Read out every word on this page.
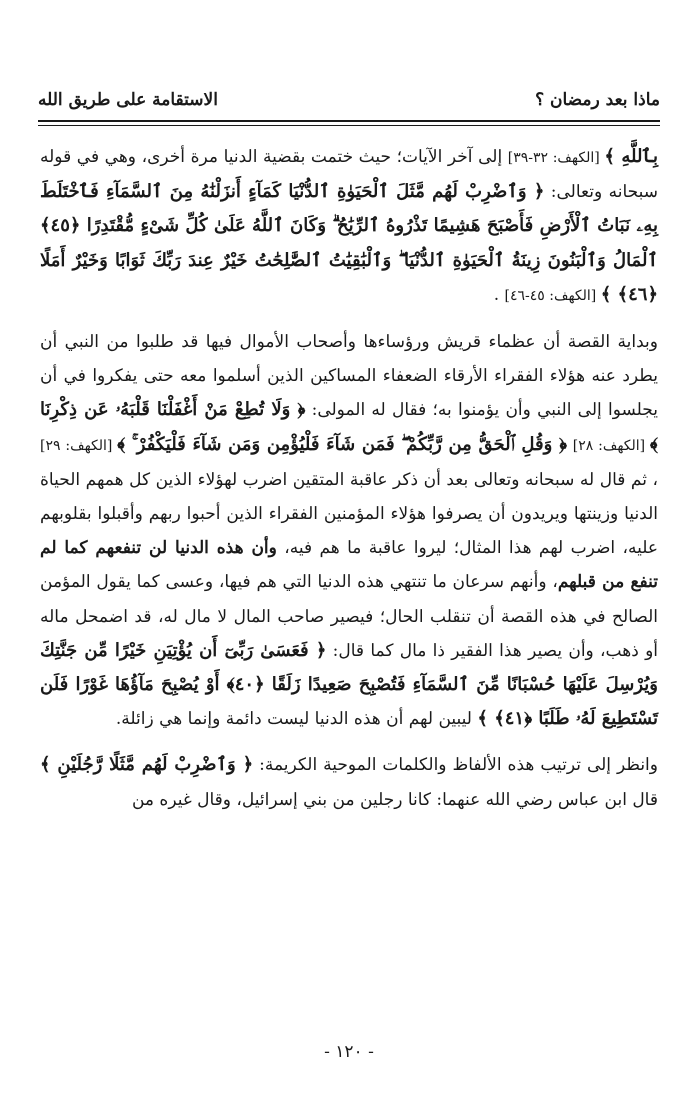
ماذا بعد رمضان ؟
الاستقامة على طريق الله

بِٱللَّهِ ﴾ [الكهف: ٣٢-٣٩] إلى آخر الآيات؛ حيث ختمت بقضية الدنيا مرة أخرى، وهي في قوله سبحانه وتعالى: ﴿ وَٱضْرِبْ لَهُم مَّثَلَ ٱلْحَيَوٰةِ ٱلدُّنْيَا كَمَآءٍ أَنزَلْنَٰهُ مِنَ ٱلسَّمَآءِ فَٱخْتَلَطَ بِهِۦ نَبَاتُ ٱلْأَرْضِ فَأَصْبَحَ هَشِيمًا تَذْرُوهُ ٱلرِّيَٰحُ ۗ وَكَانَ ٱللَّهُ عَلَىٰ كُلِّ شَىْءٍ مُّقْتَدِرًا ﴿٤٥﴾ ٱلْمَالُ وَٱلْبَنُونَ زِينَةُ ٱلْحَيَوٰةِ ٱلدُّنْيَا ۖ وَٱلْبَٰقِيَٰتُ ٱلصَّٰلِحَٰتُ خَيْرٌ عِندَ رَبِّكَ ثَوَابًا وَخَيْرٌ أَمَلًا ﴿٤٦﴾ ﴾ [الكهف: ٤٥-٤٦] .

وبداية القصة أن عظماء قريش ورؤساءها وأصحاب الأموال فيها قد طلبوا من النبي أن يطرد عنه هؤلاء الفقراء الأرقاء الضعفاء المساكين الذين أسلموا معه حتى يفكروا في أن يجلسوا إلى النبي وأن يؤمنوا به؛ فقال له المولى: ﴿ وَلَا تُطِعْ مَنْ أَغْفَلْنَا قَلْبَهُۥ عَن ذِكْرِنَا ﴾ [الكهف: ٢٨] ﴿ وَقُلِ ٱلْحَقُّ مِن رَّبِّكُمْ ۖ فَمَن شَآءَ فَلْيُؤْمِن وَمَن شَآءَ فَلْيَكْفُرْ ۚ ﴾ [الكهف: ٢٩] ، ثم قال له سبحانه وتعالى بعد أن ذكر عاقبة المتقين اضرب لهؤلاء الذين كل همهم الحياة الدنيا وزينتها ويريدون أن يصرفوا هؤلاء المؤمنين الفقراء الذين أحبوا ربهم وأقبلوا بقلوبهم عليه، اضرب لهم هذا المثال؛ ليروا عاقبة ما هم فيه، وأن هذه الدنيا لن تنفعهم كما لم تنفع من قبلهم، وأنهم سرعان ما تنتهي هذه الدنيا التي هم فيها، وعسى كما يقول المؤمن الصالح في هذه القصة أن تنقلب الحال؛ فيصير صاحب المال لا مال له، قد اضمحل ماله أو ذهب، وأن يصير هذا الفقير ذا مال كما قال: ﴿ فَعَسَىٰ رَبِّىٓ أَن يُؤْتِيَنِ خَيْرًا مِّن جَنَّتِكَ وَيُرْسِلَ عَلَيْهَا حُسْبَانًا مِّنَ ٱلسَّمَآءِ فَتُصْبِحَ صَعِيدًا زَلَقًا ﴿٤٠﴾ أَوْ يُصْبِحَ مَآؤُهَا غَوْرًا فَلَن تَسْتَطِيعَ لَهُۥ طَلَبًا ﴿٤١﴾ ﴾ ليبين لهم أن هذه الدنيا ليست دائمة وإنما هي زائلة.

وانظر إلى ترتيب هذه الألفاظ والكلمات الموحية الكريمة: ﴿ وَٱضْرِبْ لَهُم مَّثَلًا رَّجُلَيْنِ ﴾ قال ابن عباس رضي الله عنهما: كانا رجلين من بني إسرائيل، وقال غيره من

- ١٢٠ -
